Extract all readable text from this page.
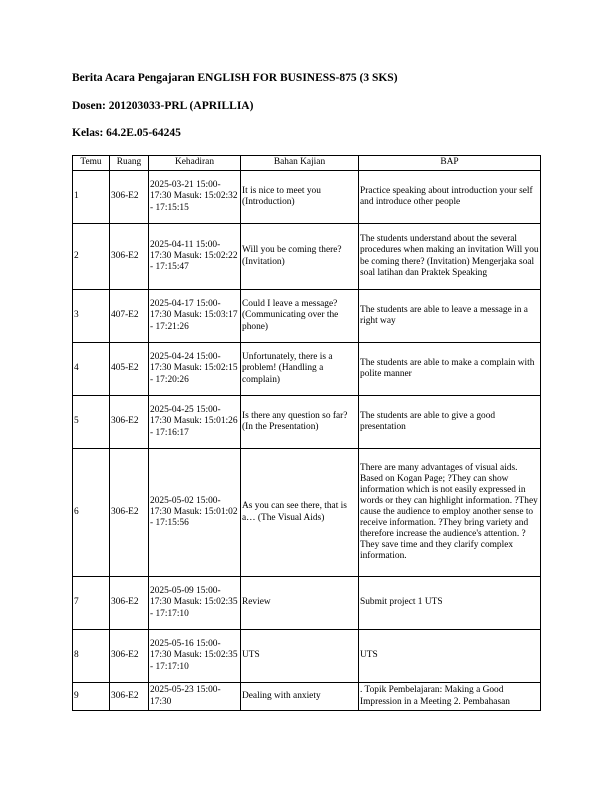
Berita Acara Pengajaran ENGLISH FOR BUSINESS-875 (3 SKS)
Dosen: 201203033-PRL (APRILLIA)
Kelas: 64.2E.05-64245
Temu	Ruang	Kehadiran	Bahan Kajian	BAP
1	306-E2	2025-03-21 15:00-17:30 Masuk: 15:02:32 - 17:15:15	It is nice to meet you (Introduction)	Practice speaking about introduction your self and introduce other people
2	306-E2	2025-04-11 15:00-17:30 Masuk: 15:02:22 - 17:15:47	Will you be coming there? (Invitation)	The students understand about the several procedures when making an invitation Will you be coming there? (Invitation) Mengerjaka soal soal latihan dan Praktek Speaking
3	407-E2	2025-04-17 15:00-17:30 Masuk: 15:03:17 - 17:21:26	Could I leave a message? (Communicating over the phone)	The students are able to leave a message in a right way
4	405-E2	2025-04-24 15:00-17:30 Masuk: 15:02:15 - 17:20:26	Unfortunately, there is a problem! (Handling a complain)	The students are able to make a complain with polite manner
5	306-E2	2025-04-25 15:00-17:30 Masuk: 15:01:26 - 17:16:17	Is there any question so far? (In the Presentation)	The students are able to give a good presentation
6	306-E2	2025-05-02 15:00-17:30 Masuk: 15:01:02 - 17:15:56	As you can see there, that is a… (The Visual Aids)	There are many advantages of visual aids. Based on Kogan Page; ?They can show information which is not easily expressed in words or they can highlight information. ?They cause the audience to employ another sense to receive information. ?They bring variety and therefore increase the audience's attention. ?They save time and they clarify complex information.
7	306-E2	2025-05-09 15:00-17:30 Masuk: 15:02:35 - 17:17:10	Review	Submit project 1 UTS
8	306-E2	2025-05-16 15:00-17:30 Masuk: 15:02:35 - 17:17:10	UTS	UTS
9	306-E2	2025-05-23 15:00-17:30	Dealing with anxiety	. Topik Pembelajaran: Making a Good Impression in a Meeting 2. Pembahasan
